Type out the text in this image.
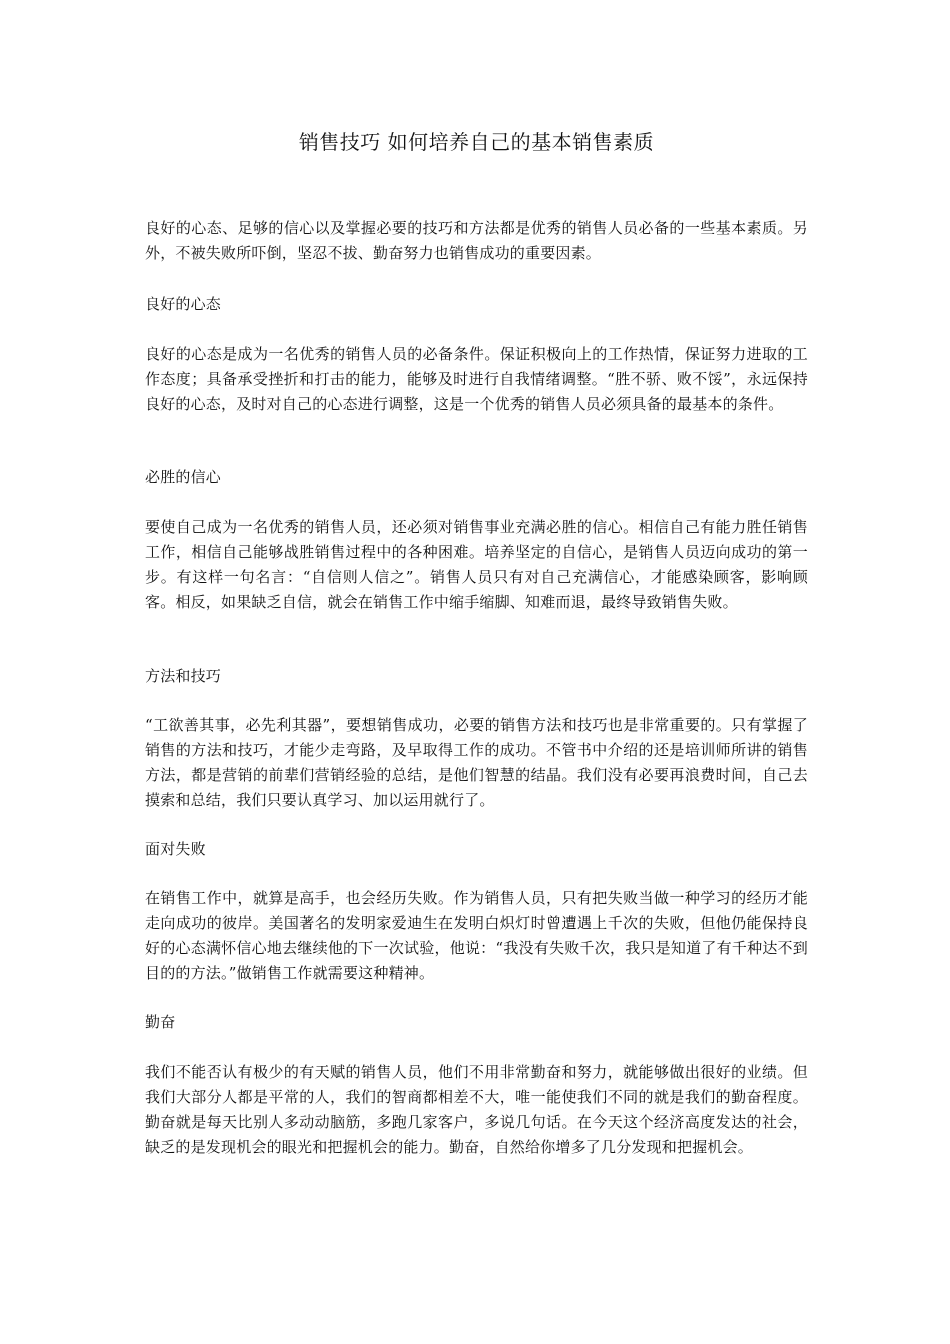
销售技巧 如何培养自己的基本销售素质

良好的心态、足够的信心以及掌握必要的技巧和方法都是优秀的销售人员必备的一些基本素质。另外，不被失败所吓倒，坚忍不拔、勤奋努力也销售成功的重要因素。

良好的心态

良好的心态是成为一名优秀的销售人员的必备条件。保证积极向上的工作热情，保证努力进取的工作态度；具备承受挫折和打击的能力，能够及时进行自我情绪调整。“胜不骄、败不馁”，永远保持良好的心态，及时对自己的心态进行调整，这是一个优秀的销售人员必须具备的最基本的条件。

必胜的信心

要使自己成为一名优秀的销售人员，还必须对销售事业充满必胜的信心。相信自己有能力胜任销售工作，相信自己能够战胜销售过程中的各种困难。培养坚定的自信心，是销售人员迈向成功的第一步。有这样一句名言：“自信则人信之”。销售人员只有对自己充满信心，才能感染顾客，影响顾客。相反，如果缺乏自信，就会在销售工作中缩手缩脚、知难而退，最终导致销售失败。

方法和技巧

“工欲善其事，必先利其器”，要想销售成功，必要的销售方法和技巧也是非常重要的。只有掌握了销售的方法和技巧，才能少走弯路，及早取得工作的成功。不管书中介绍的还是培训师所讲的销售方法，都是营销的前辈们营销经验的总结，是他们智慧的结晶。我们没有必要再浪费时间，自己去摸索和总结，我们只要认真学习、加以运用就行了。

面对失败

在销售工作中，就算是高手，也会经历失败。作为销售人员，只有把失败当做一种学习的经历才能走向成功的彼岸。美国著名的发明家爱迪生在发明白炽灯时曾遭遇上千次的失败，但他仍能保持良好的心态满怀信心地去继续他的下一次试验，他说：“我没有失败千次，我只是知道了有千种达不到目的的方法。”做销售工作就需要这种精神。

勤奋

我们不能否认有极少的有天赋的销售人员，他们不用非常勤奋和努力，就能够做出很好的业绩。但我们大部分人都是平常的人，我们的智商都相差不大，唯一能使我们不同的就是我们的勤奋程度。勤奋就是每天比别人多动动脑筋，多跑几家客户，多说几句话。在今天这个经济高度发达的社会，缺乏的是发现机会的眼光和把握机会的能力。勤奋，自然给你增多了几分发现和把握机会。
